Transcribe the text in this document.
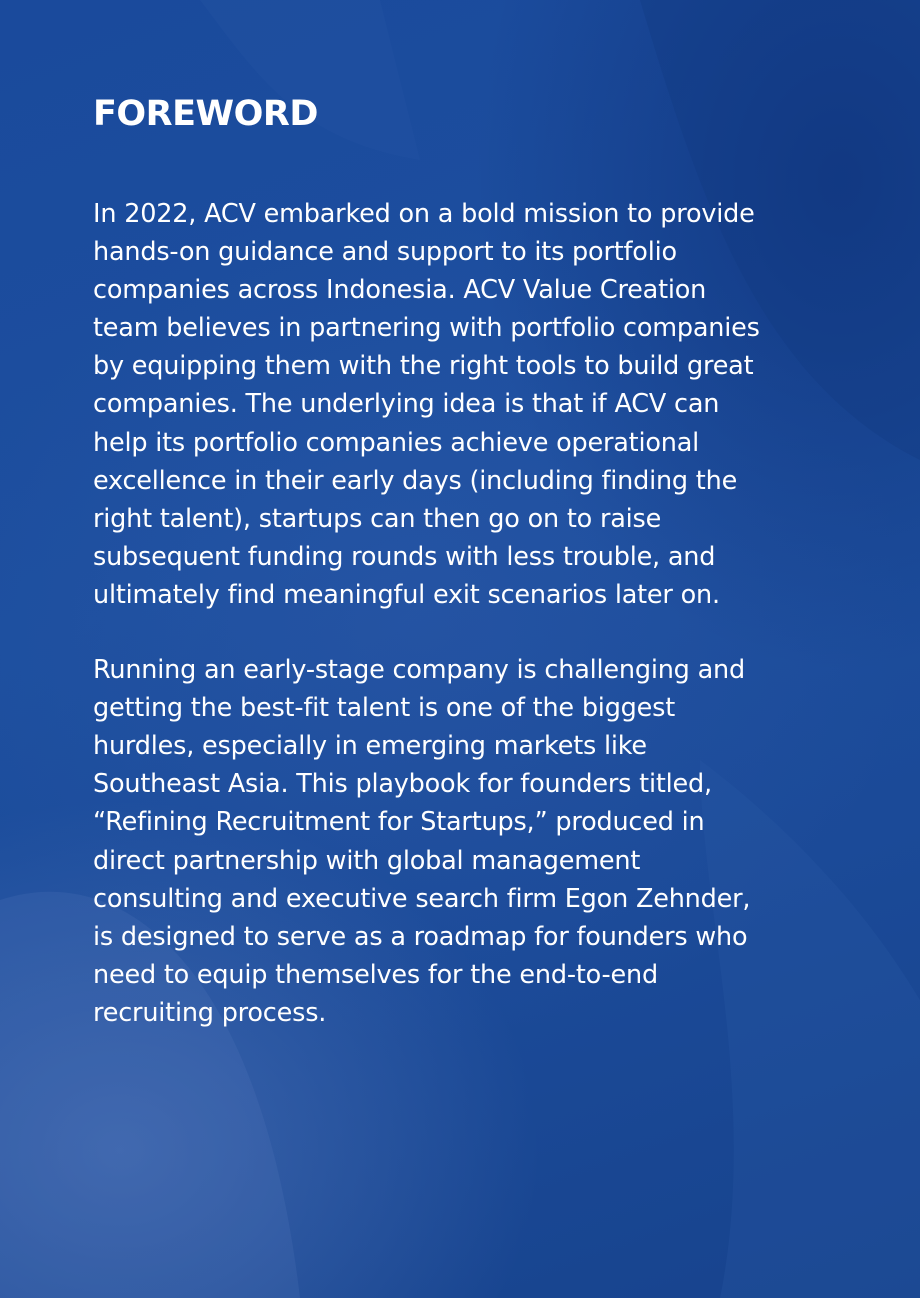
FOREWORD

In 2022, ACV embarked on a bold mission to provide
hands-on guidance and support to its portfolio
companies across Indonesia. ACV Value Creation
team believes in partnering with portfolio companies
by equipping them with the right tools to build great
companies. The underlying idea is that if ACV can
help its portfolio companies achieve operational
excellence in their early days (including finding the
right talent), startups can then go on to raise
subsequent funding rounds with less trouble, and
ultimately find meaningful exit scenarios later on.

Running an early-stage company is challenging and
getting the best-fit talent is one of the biggest
hurdles, especially in emerging markets like
Southeast Asia. This playbook for founders titled,
“Refining Recruitment for Startups,” produced in
direct partnership with global management
consulting and executive search firm Egon Zehnder,
is designed to serve as a roadmap for founders who
need to equip themselves for the end-to-end
recruiting process.
